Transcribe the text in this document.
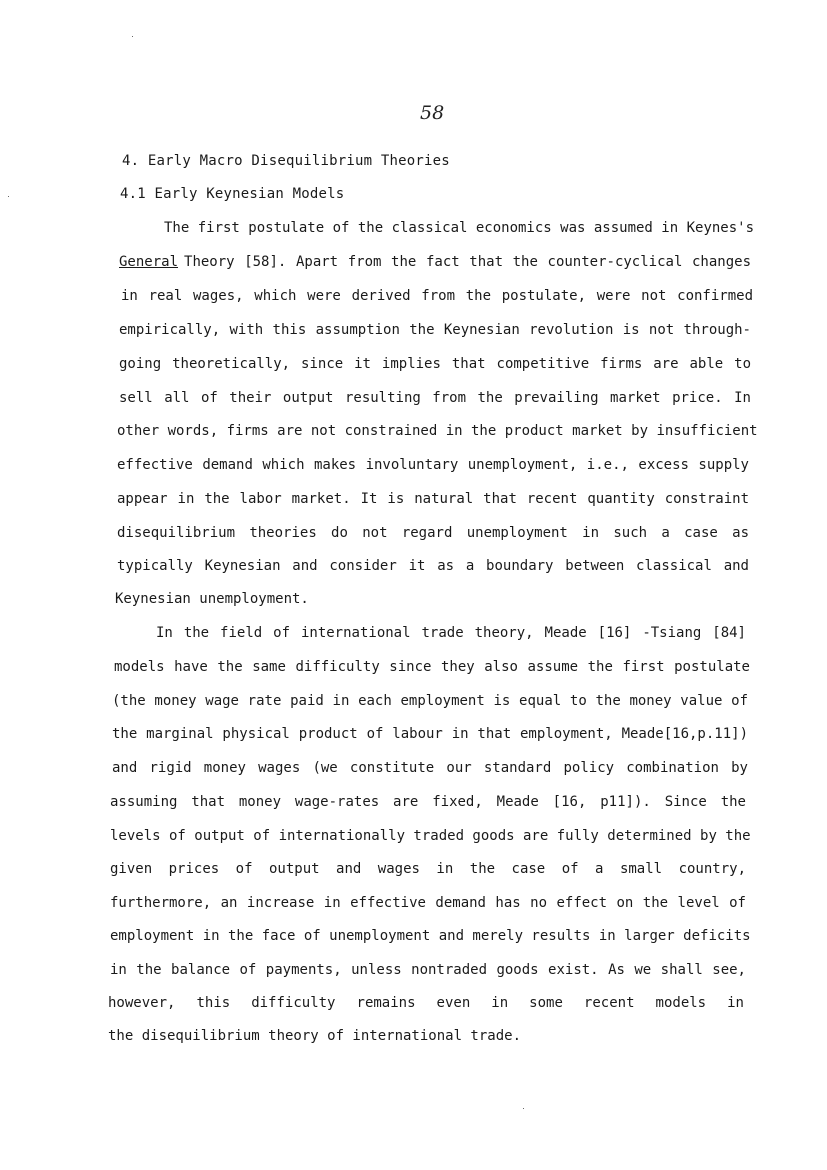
58
4. Early Macro Disequilibrium Theories
4.1 Early Keynesian Models
The first postulate of the classical economics was assumed in Keynes's
General Theory [58]. Apart from the fact that the counter-cyclical changes
in real wages, which were derived from the postulate, were not confirmed
empirically, with this assumption the Keynesian revolution is not through-
going theoretically, since it implies that competitive firms are able to
sell all of their output resulting from the prevailing market price. In
other words, firms are not constrained in the product market by insufficient
effective demand which makes involuntary unemployment, i.e., excess supply
appear in the labor market. It is natural that recent quantity constraint
disequilibrium theories do not regard unemployment in such a case as
typically Keynesian and consider it as a boundary between classical and
Keynesian unemployment.
In the field of international trade theory, Meade [16] -Tsiang [84]
models have the same difficulty since they also assume the first postulate
(the money wage rate paid in each employment is equal to the money value of
the marginal physical product of labour in that employment, Meade[16,p.11])
and rigid money wages (we constitute our standard policy combination by
assuming that money wage-rates are fixed, Meade [16, p11]). Since the
levels of output of internationally traded goods are fully determined by the
given prices of output and wages in the case of a small country,
furthermore, an increase in effective demand has no effect on the level of
employment in the face of unemployment and merely results in larger deficits
in the balance of payments, unless nontraded goods exist. As we shall see,
however, this difficulty remains even in some recent models in
the disequilibrium theory of international trade.
